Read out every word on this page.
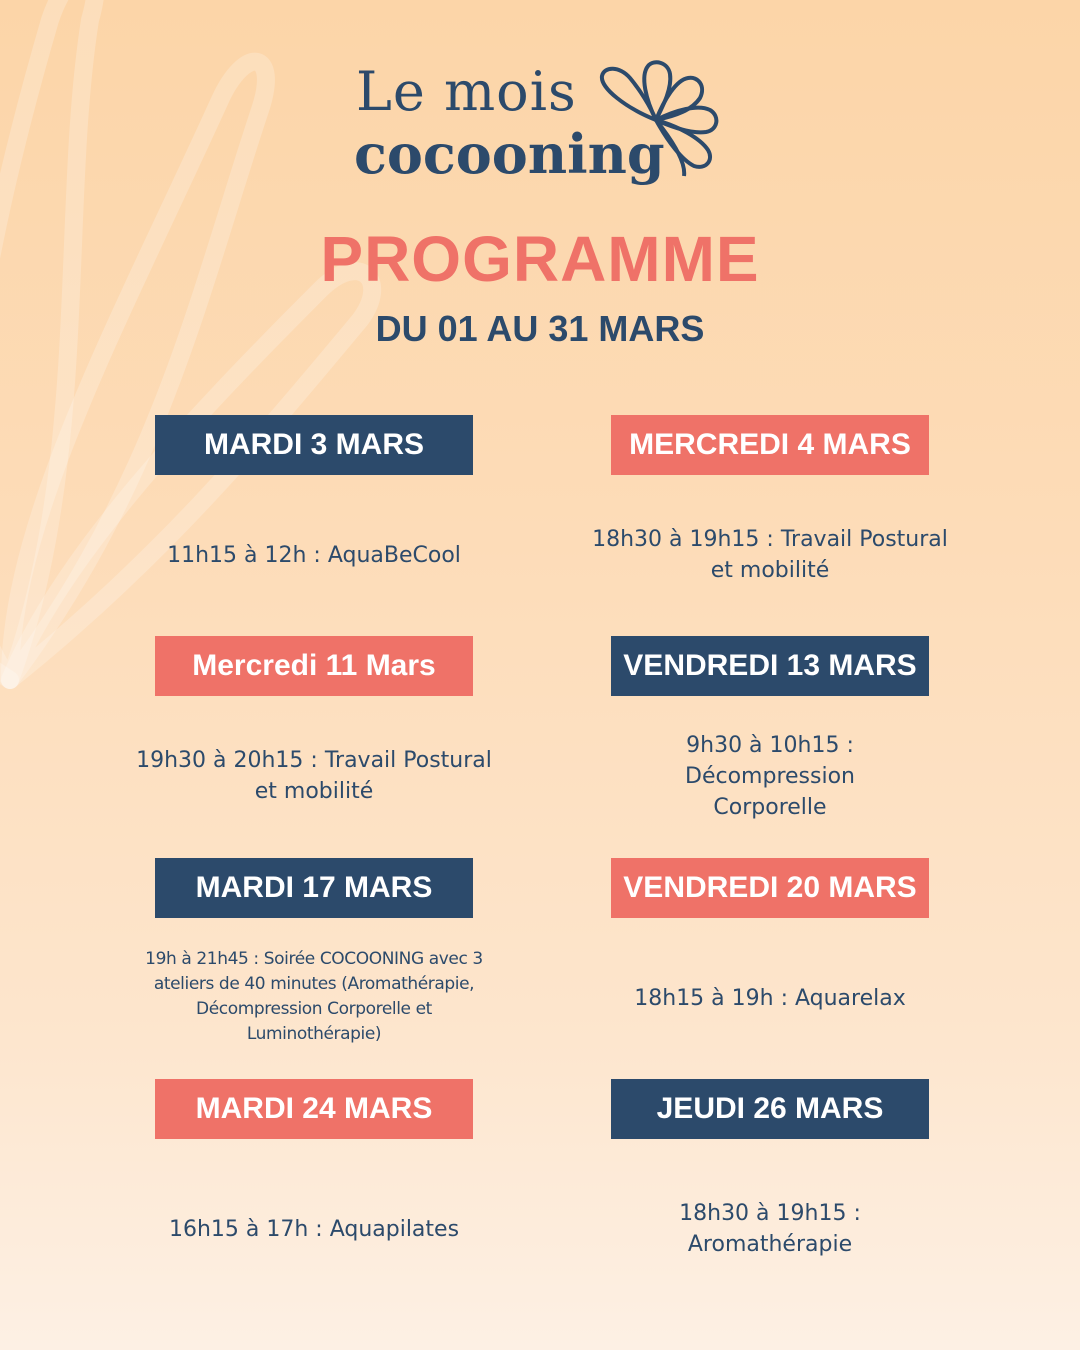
Le mois
cocooning
PROGRAMME
DU 01 AU 31 MARS
MARDI 3 MARS
11h15 à 12h : AquaBeCool
MERCREDI 4 MARS
18h30 à 19h15 : Travail Postural et mobilité
Mercredi 11 Mars
19h30 à 20h15 : Travail Postural et mobilité
VENDREDI 13 MARS
9h30 à 10h15 : Décompression Corporelle
MARDI 17 MARS
19h à 21h45 : Soirée COCOONING avec 3 ateliers de 40 minutes (Aromathérapie, Décompression Corporelle et Luminothérapie)
VENDREDI 20 MARS
18h15 à 19h : Aquarelax
MARDI 24 MARS
16h15 à 17h : Aquapilates
JEUDI 26 MARS
18h30 à 19h15 : Aromathérapie
